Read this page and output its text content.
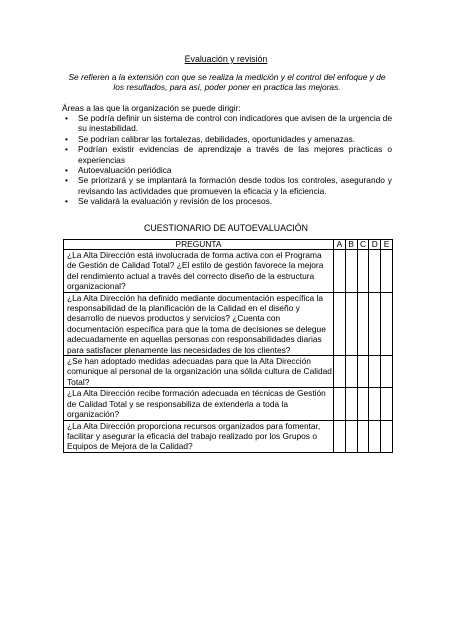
Evaluación y revisión
Se refieren a la extensión con que se realiza la medición y el control del enfoque y de los resultados, para así, poder poner en practica las mejoras.
Áreas a las que la organización se puede dirigir:
• Se podría definir un sistema de control con indicadores que avisen de la urgencia de su inestabilidad.
• Se podrían calibrar las fortalezas, debilidades, oportunidades y amenazas.
• Podrían existir evidencias de aprendizaje a través de las mejores practicas o experiencias
• Autoevaluación periódica
• Se priorizará y se implantará la formación desde todos los controles, asegurando y revisando las actividades que promueven la eficacia y la eficiencia.
• Se validará la evaluación y revisión de los procesos.
CUESTIONARIO DE AUTOEVALUACIÓN
PREGUNTA	A	B	C	D	E
¿La Alta Dirección está involucrada de forma activa con el Programa de Gestión de Calidad Total? ¿El estilo de gestión favorece la mejora del rendimiento actual a través del correcto diseño de la estructura organizacional?					
¿La Alta Dirección ha definido mediante documentación específica la responsabilidad de la planificación de la Calidad en el diseño y desarrollo de nuevos productos y servicios? ¿Cuenta con documentación específica para que la toma de decisiones se delegue adecuadamente en aquellas personas con responsabilidades diarias para satisfacer plenamente las necesidades de los clientes?					
¿Se han adoptado medidas adecuadas para que la Alta Dirección comunique al personal de la organización una sólida cultura de Calidad Total?					
¿La Alta Dirección recibe formación adecuada en técnicas de Gestión de Calidad Total y se responsabiliza de extenderla a toda la organización?					
¿La Alta Dirección proporciona recursos organizados para fomentar, facilitar y asegurar la eficacia del trabajo realizado por los Grupos o Equipos de Mejora de la Calidad?					
